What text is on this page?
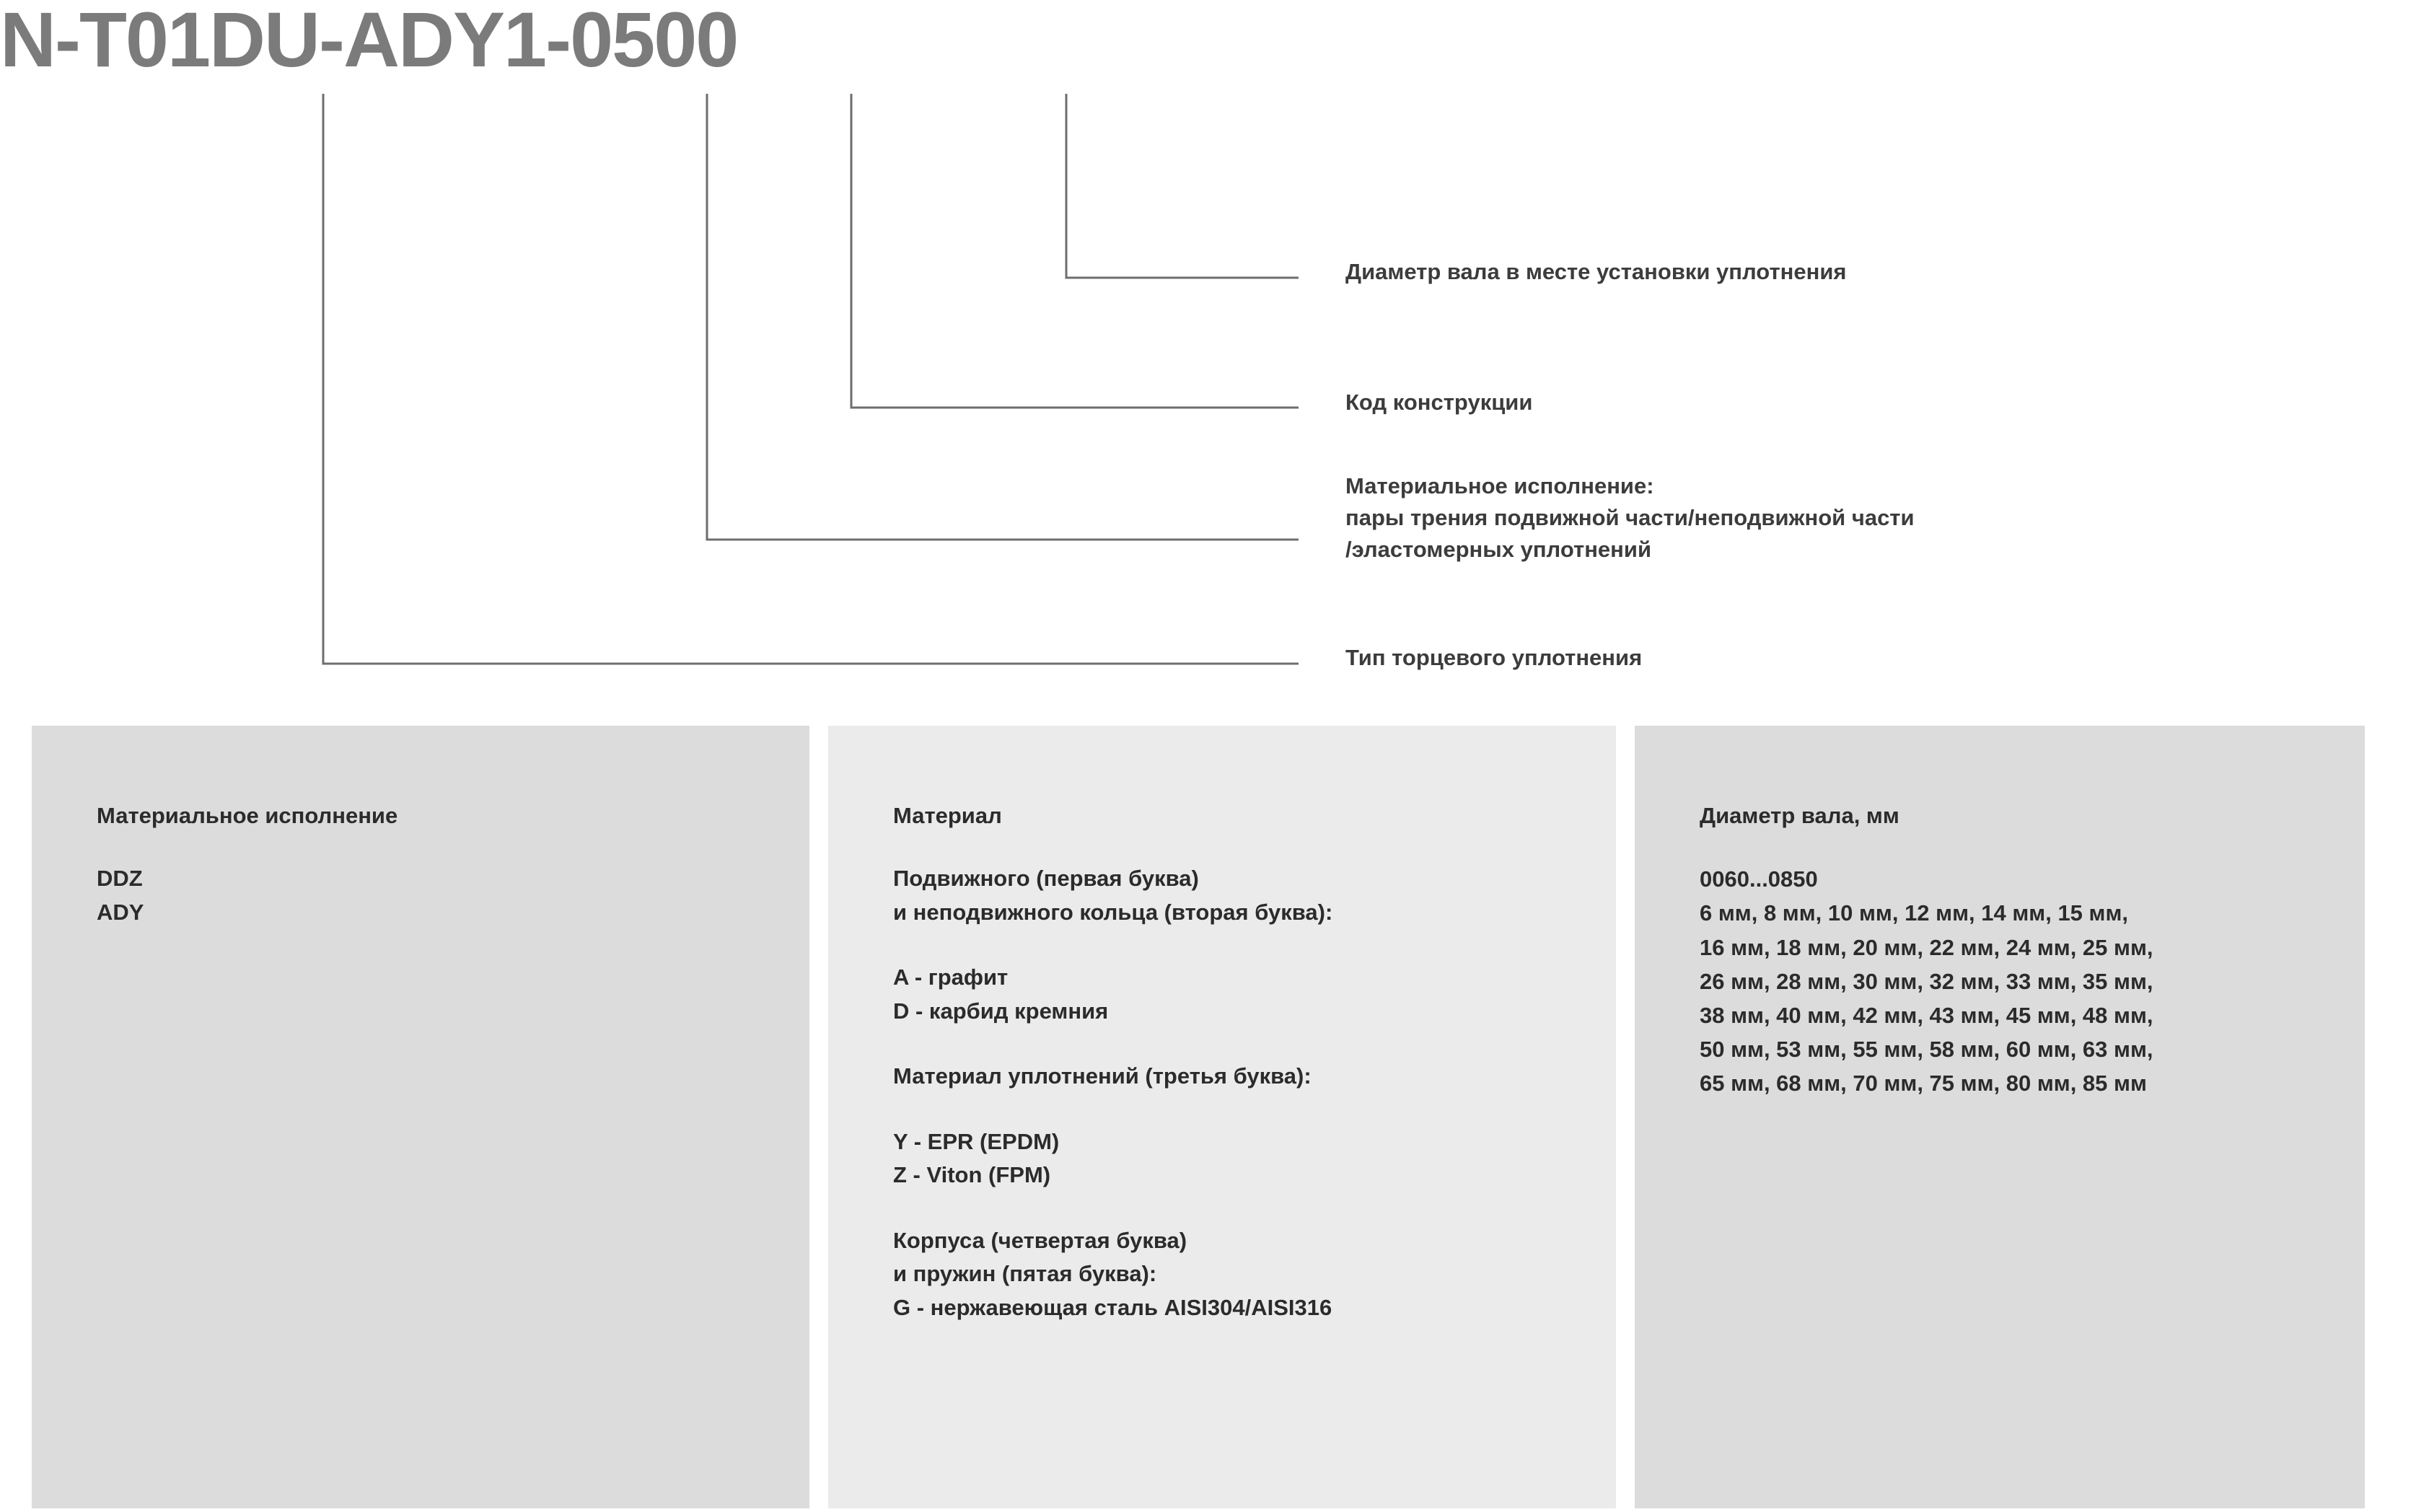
N-T01DU-ADY1-0500
Диаметр вала в месте установки уплотнения
Код конструкции
Материальное исполнение:
пары трения подвижной части/неподвижной части
/эластомерных уплотнений
Тип торцевого уплотнения
Материальное исполнение
DDZ
ADY
Материал
Подвижного (первая буква)
и неподвижного кольца (вторая буква):
A - графит
D - карбид кремния
Материал уплотнений (третья буква):
Y - EPR (EPDM)
Z - Viton (FPM)
Корпуса (четвертая буква)
и пружин (пятая буква):
G - нержавеющая сталь AISI304/AISI316
Диаметр вала, мм
0060...0850
6 мм, 8 мм, 10 мм, 12 мм, 14 мм, 15 мм,
16 мм, 18 мм, 20 мм, 22 мм, 24 мм, 25 мм,
26 мм, 28 мм, 30 мм, 32 мм, 33 мм, 35 мм,
38 мм, 40 мм, 42 мм, 43 мм, 45 мм, 48 мм,
50 мм, 53 мм, 55 мм, 58 мм, 60 мм, 63 мм,
65 мм, 68 мм, 70 мм, 75 мм, 80 мм, 85 мм
